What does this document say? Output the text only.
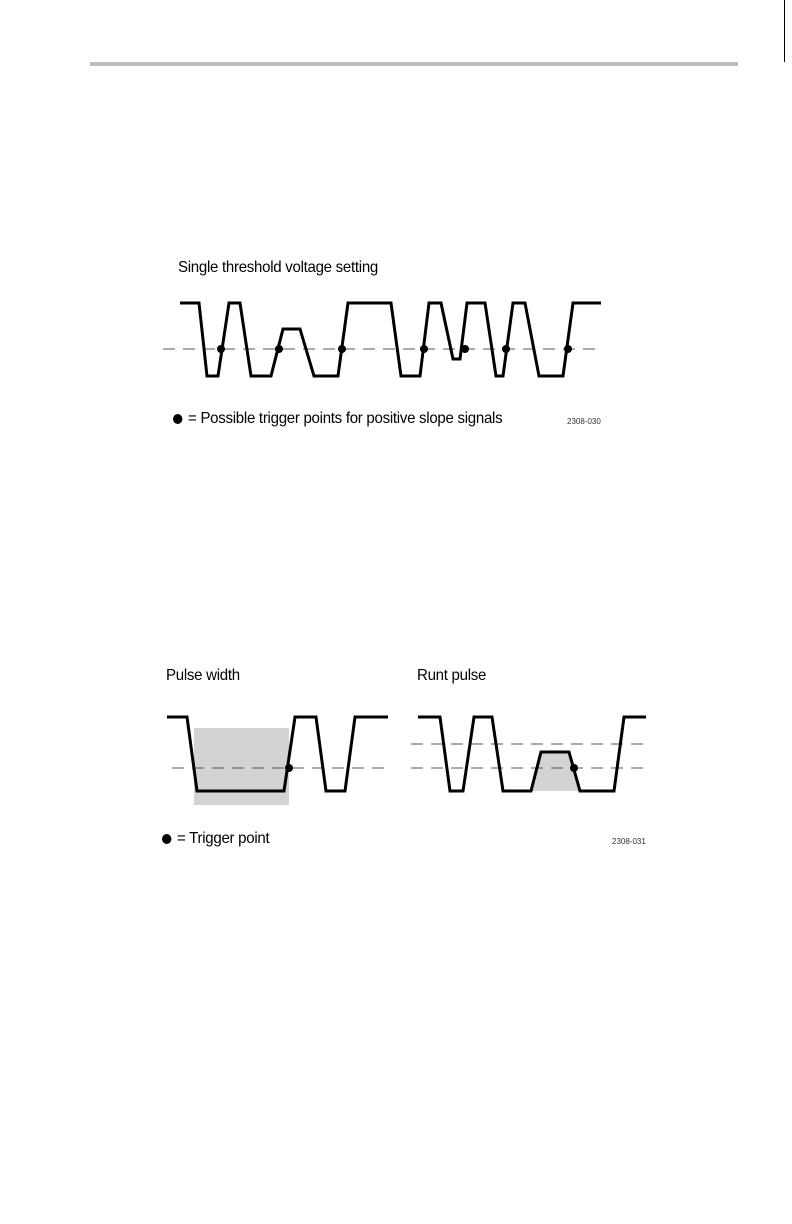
Single threshold voltage setting
= Possible trigger points for positive slope signals	2308-030
Pulse width	Runt pulse
= Trigger point	2308-031
